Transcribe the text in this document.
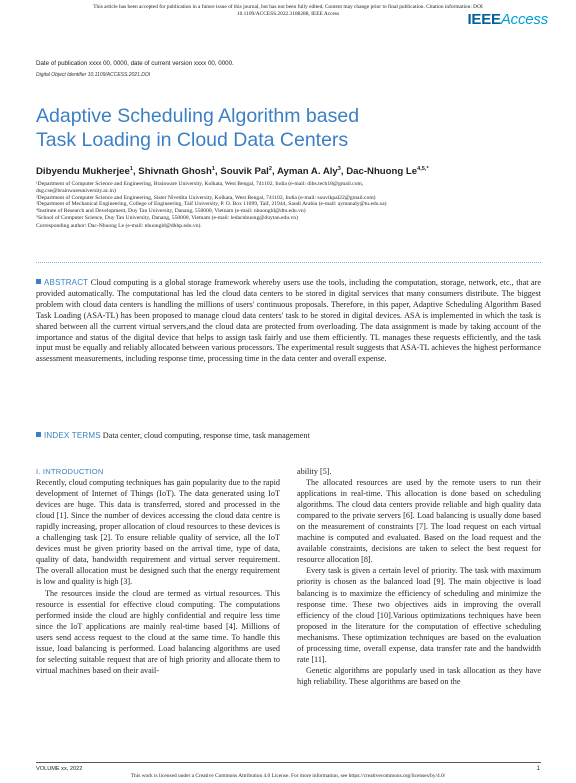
This article has been accepted for publication in a future issue of this journal, but has not been fully edited. Content may change prior to final publication. Citation information: DOI
10.1109/ACCESS.2022.3188288, IEEE Access	IEEEAccess
Date of publication xxxx 00, 0000, date of current version xxxx 00, 0000.
Digital Object Identifier 10.1109/ACCESS.2021.DOI
Adaptive Scheduling Algorithm based
Task Loading in Cloud Data Centers
Dibyendu Mukherjee$^1$, Shivnath Ghosh$^1$, Souvik Pal$^2$, Ayman A. Aly$^3$, Dac-Nhuong $Le^{4,5,*}$
¹Department of Computer Science and Engineering, Brainware University, Kolkata, West Bengal, 741102, India (e-mail: dibs.tech18@gmail.com,
dsg.cse@brainwareuniversity.ac.in)
²Department of Computer Science and Engineering, Sister Nivedita University, Kolkata, West Bengal, 741102, India (e-mail: souvikpal22@gmail.com)
³Department of Mechanical Engineering, College of Engineering, Taif University, P. O. Box 11099, Taif, 21944, Saudi Arabia (e-mail: aymanaly@tu.edu.sa)
⁴Institute of Research and Development, Duy Tan University, Danang, 550000, Vietnam (e-mail: nhuongld@dtu.edu.vn)
⁵School of Computer Science, Duy Tan University, Danang, 550000, Vietnam (e-mail: ledacnhuong@duytan.edu.vn)
Corresponding author: Dac-Nhuong Le (e-mail: nhuongld@dhhp.edu.vn).
ABSTRACT Cloud computing is a global storage framework whereby users use the tools, including the computation, storage, network, etc., that are provided automatically. The computational has led the cloud data centers to be stored in digital services that many consumers distribute. The biggest problem with cloud data centers is handling the millions of users' continuous proposals. Therefore, in this paper, Adaptive Scheduling Algorithm Based Task Loading (ASA-TL) has been proposed to manage cloud data centers' task to be stored in digital devices. ASA is implemented in which the task is shared between all the current virtual servers,and the cloud data are protected from overloading. The data assignment is made by taking account of the importance and status of the digital device that helps to assign task fairly and use them efficiently. TL manages these requests efficiently, and the task input must be equally and reliably allocated between various processors. The experimental result suggests that ASA-TL achieves the highest performance assessment measurements, including response time, processing time in the data center and overall expense.
INDEX TERMS Data center, cloud computing, response time, task management
I. INTRODUCTION

Recently, cloud computing techniques has gain popularity due to the rapid development of Internet of Things (IoT). The data generated using IoT devices are huge. This data is transferred, stored and processed in the cloud [1]. Since the number of devices accessing the cloud data centre is rapidly increasing, proper allocation of cloud resources to these devices is a challenging task [2]. To ensure reliable quality of service, all the IoT devices must be given priority based on the arrival time, type of data, quality of data, bandwidth requirement and virtual server requirement. The overall allocation must be designed such that the energy requirement is low and quality is high [3].

The resources inside the cloud are termed as virtual resources. This resource is essential for effective cloud computing. The computations performed inside the cloud are highly confidential and require less time since the IoT applications are mainly real-time based [4]. Millions of users send access request to the cloud at the same time. To handle this issue, load balancing is performed. Load balancing algorithms are used for selecting suitable request that are of high priority and allocate them to virtual machines based on their avail-

ability [5].

The allocated resources are used by the remote users to run their applications in real-time. This allocation is done based on scheduling algorithms. The cloud data centers provide reliable and high quality data compared to the private servers [6]. Load balancing is usually done based on the measurement of constraints [7]. The load request on each virtual machine is computed and evaluated. Based on the load request and the available constraints, decisions are taken to select the best request for resource allocation [8].

Every task is given a certain level of priority. The task with maximum priority is chosen as the balanced load [9]. The main objective is load balancing is to maximize the efficiency of scheduling and minimize the response time. These two objectives aids in improving the overall efficiency of the cloud [10].Various optimizations techniques have been proposed in the literature for the computation of effective scheduling mechanisms. These optimization techniques are based on the evaluation of processing time, overall expense, data transfer rate and the bandwidth rate [11].

Genetic algorithms are popularly used in task allocation as they have high reliability. These algorithms are based on the

VOLUME xx, 2022	1
This work is licensed under a Creative Commons Attribution 4.0 License. For more information, see https://creativecommons.org/licenses/by/4.0/
